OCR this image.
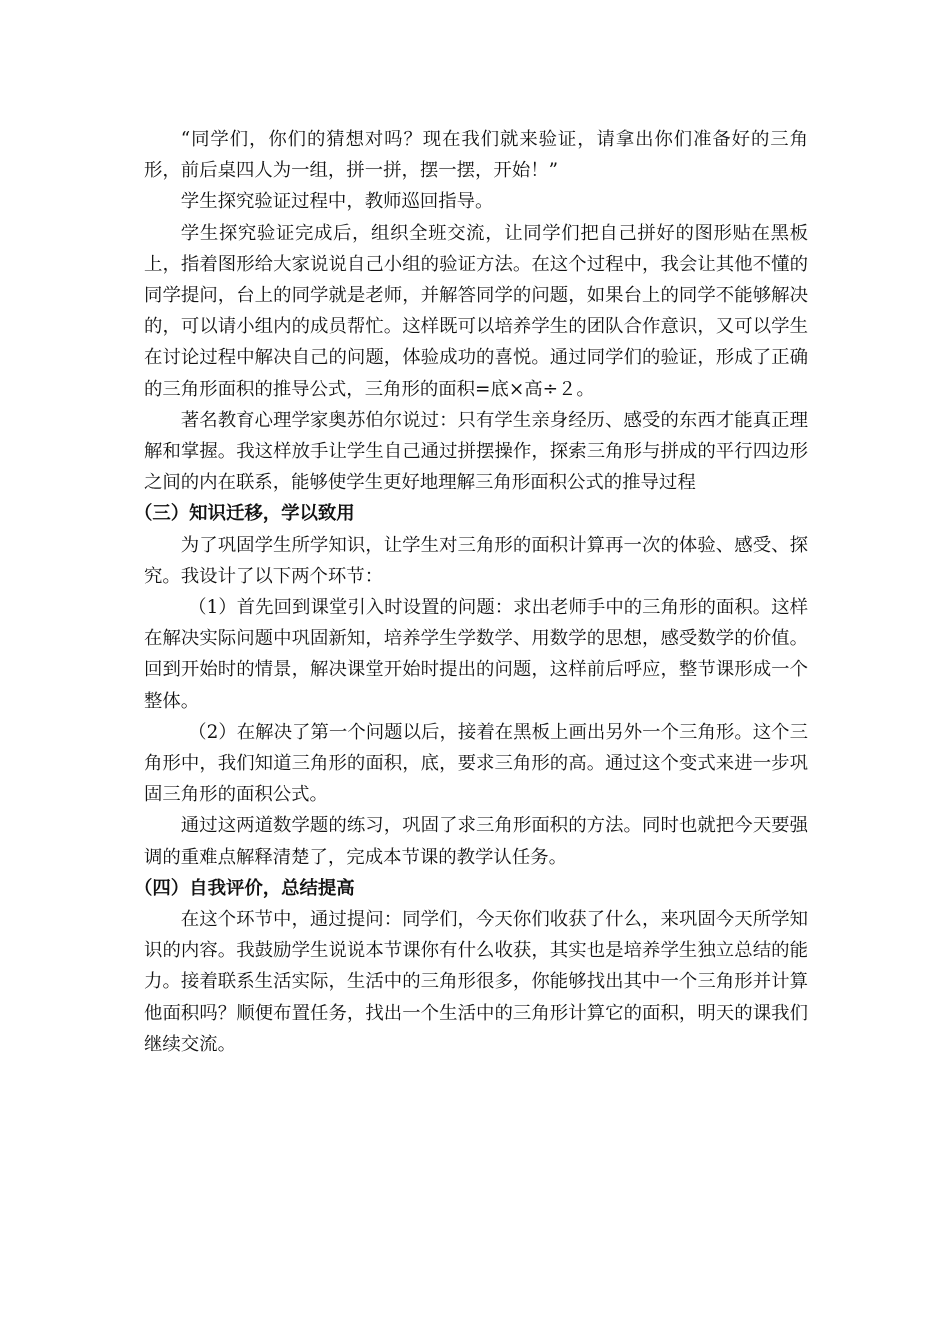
“同学们，你们的猜想对吗？现在我们就来验证，请拿出你们准备好的三角形，前后桌四人为一组，拼一拼，摆一摆，开始！”

学生探究验证过程中，教师巡回指导。

学生探究验证完成后，组织全班交流，让同学们把自己拼好的图形贴在黑板上，指着图形给大家说说自己小组的验证方法。在这个过程中，我会让其他不懂的同学提问，台上的同学就是老师，并解答同学的问题，如果台上的同学不能够解决的，可以请小组内的成员帮忙。这样既可以培养学生的团队合作意识，又可以学生在讨论过程中解决自己的问题，体验成功的喜悦。通过同学们的验证，形成了正确的三角形面积的推导公式，三角形的面积=底×高÷２。

著名教育心理学家奥苏伯尔说过：只有学生亲身经历、感受的东西才能真正理解和掌握。我这样放手让学生自己通过拼摆操作，探索三角形与拼成的平行四边形之间的内在联系，能够使学生更好地理解三角形面积公式的推导过程

（三）知识迁移，学以致用

为了巩固学生所学知识，让学生对三角形的面积计算再一次的体验、感受、探究。我设计了以下两个环节：

（1）首先回到课堂引入时设置的问题：求出老师手中的三角形的面积。这样在解决实际问题中巩固新知，培养学生学数学、用数学的思想，感受数学的价值。回到开始时的情景，解决课堂开始时提出的问题，这样前后呼应，整节课形成一个整体。

（2）在解决了第一个问题以后，接着在黑板上画出另外一个三角形。这个三角形中，我们知道三角形的面积，底，要求三角形的高。通过这个变式来进一步巩固三角形的面积公式。

通过这两道数学题的练习，巩固了求三角形面积的方法。同时也就把今天要强调的重难点解释清楚了，完成本节课的教学认任务。

（四）自我评价，总结提高

在这个环节中，通过提问：同学们，今天你们收获了什么，来巩固今天所学知识的内容。我鼓励学生说说本节课你有什么收获，其实也是培养学生独立总结的能力。接着联系生活实际，生活中的三角形很多，你能够找出其中一个三角形并计算他面积吗？顺便布置任务，找出一个生活中的三角形计算它的面积，明天的课我们继续交流。
